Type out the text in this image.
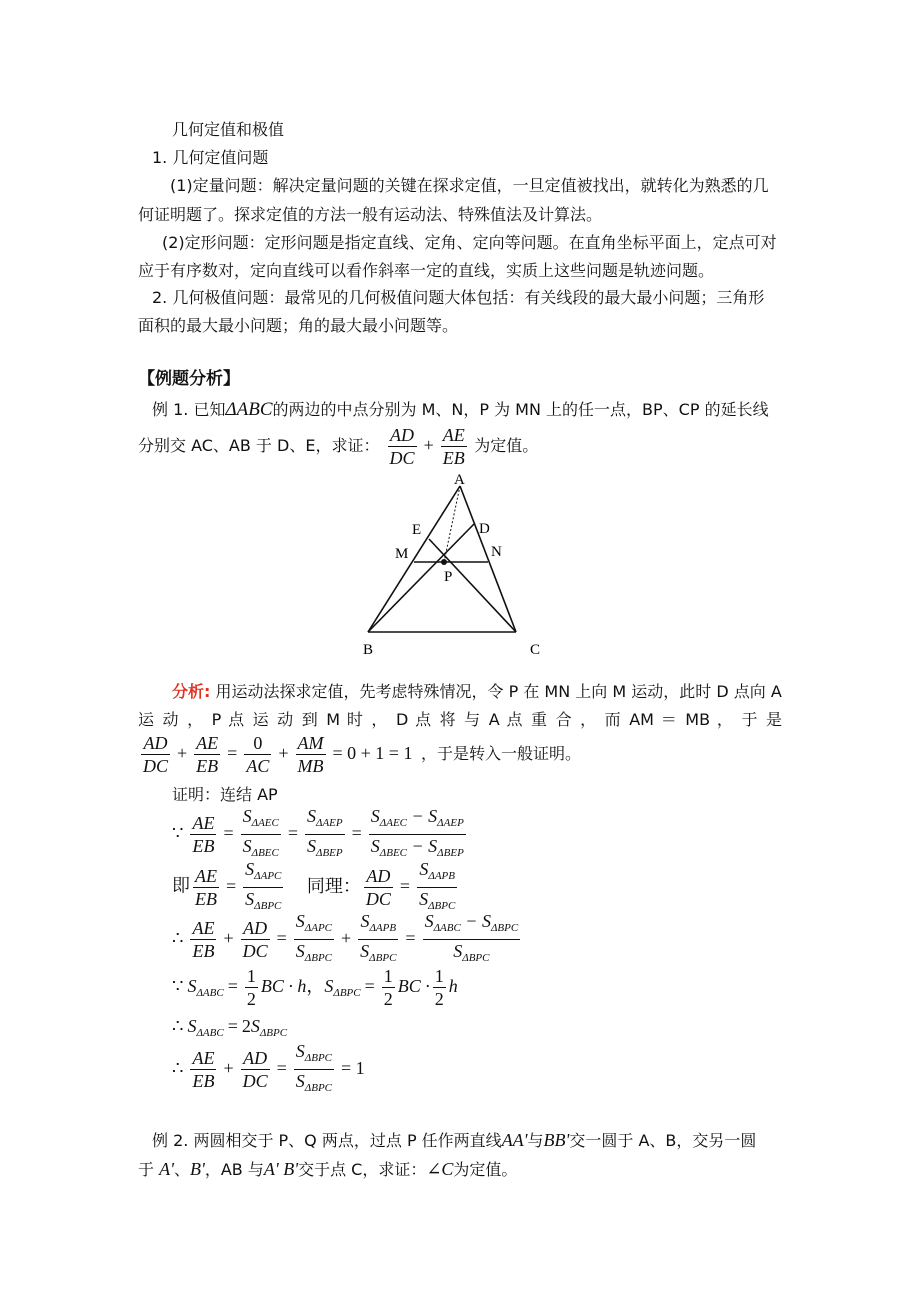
几何定值和极值
1. 几何定值问题
(1)定量问题：解决定量问题的关键在探求定值，一旦定值被找出，就转化为熟悉的几
何证明题了。探求定值的方法一般有运动法、特殊值法及计算法。
(2)定形问题：定形问题是指定直线、定角、定向等问题。在直角坐标平面上，定点可对
应于有序数对，定向直线可以看作斜率一定的直线，实质上这些问题是轨迹问题。
2. 几何极值问题：最常见的几何极值问题大体包括：有关线段的最大最小问题；三角形
面积的最大最小问题；角的最大最小问题等。
【例题分析】
例 1. 已知ΔABC的两边的中点分别为 M、N，P 为 MN 上的任一点，BP、CP 的延长线
分别交 AC、AB 于 D、E，求证： $\frac{AD}{DC} + \frac{AE}{EB}$ 为定值。
A
E	D
M	N
P
B	C
分析: 用运动法探求定值，先考虑特殊情况，令 P 在 MN 上向 M 运动，此时 D 点向 A
运 动 ， P 点 运 动 到 M 时 ， D 点 将 与 A 点 重 合 ， 而 AM ＝ MB ， 于 是
$\frac{AD}{DC} + \frac{AE}{EB} = \frac{0}{AC} + \frac{AM}{MB} = 0 + 1 = 1$ ，于是转入一般证明。
证明：连结 AP
∵ $\frac{AE}{EB} = \frac{S_{\Delta AEC}}{S_{\Delta BEC}} = \frac{S_{\Delta AEP}}{S_{\Delta BEP}} = \frac{S_{\Delta AEC} - S_{\Delta AEP}}{S_{\Delta BEC} - S_{\Delta BEP}}$
即 $\frac{AE}{EB} = \frac{S_{\Delta APC}}{S_{\Delta BPC}}$ 同理： $\frac{AD}{DC} = \frac{S_{\Delta APB}}{S_{\Delta BPC}}$
∴ $\frac{AE}{EB} + \frac{AD}{DC} = \frac{S_{\Delta APC}}{S_{\Delta BPC}} + \frac{S_{\Delta APB}}{S_{\Delta BPC}} = \frac{S_{\Delta ABC} - S_{\Delta BPC}}{S_{\Delta BPC}}$
∵ $S_{\Delta ABC} = \frac{1}{2}$ BC · h，$S_{\Delta BPC} = \frac{1}{2}$ BC · $\frac{1}{2}$ h
∴ $S_{\Delta ABC} = 2S_{\Delta BPC}$
∴ $\frac{AE}{EB} + \frac{AD}{DC} = \frac{S_{\Delta BPC}}{S_{\Delta BPC}} = 1$
例 2. 两圆相交于 P、Q 两点，过点 P 任作两直线AA'与BB'交一圆于 A、B，交另一圆
于 A'、B'，AB 与A' B'交于点 C，求证：∠C为定值。
